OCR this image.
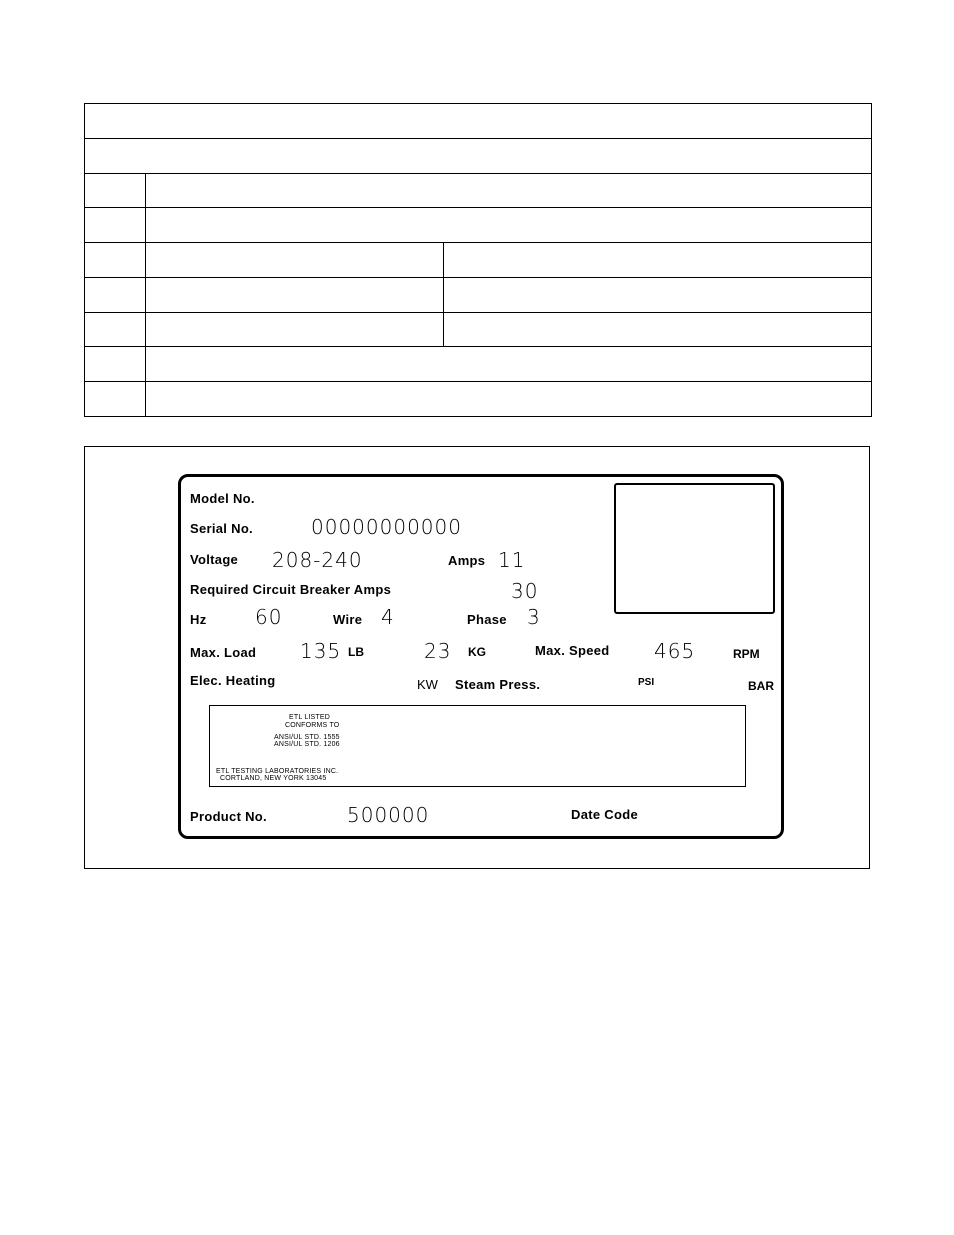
Model No.
Serial No.	00000000000
Voltage 208-240	Amps 11
Required Circuit Breaker Amps	30
Hz 60	Wire 4	Phase 3
Max. Load 135 LB	23 KG	Max. Speed 465	RPM
Elec. Heating	KW Steam Press.	PSI	BAR
ETL LISTED
CONFORMS TO
ANSI/UL STD. 1555
ANSI/UL STD. 1206
ETL TESTING LABORATORIES INC.
CORTLAND, NEW YORK 13045
Product No.	500000	Date Code
